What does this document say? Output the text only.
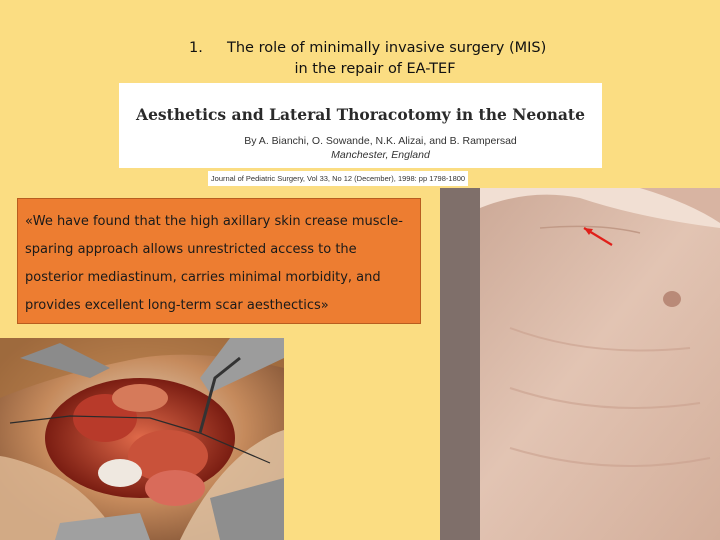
1. The role of minimally invasive surgery (MIS)
in the repair of EA-TEF
Aesthetics and Lateral Thoracotomy in the Neonate
By A. Bianchi, O. Sowande, N.K. Alizai, and B. Rampersad
Manchester, England
Journal of Pediatric Surgery, Vol 33, No 12 (December), 1998: pp 1798-1800
«We have found that the high axillary skin crease muscle-sparing approach allows unrestricted access to the posterior mediastinum, carries minimal morbidity, and provides excellent long-term scar aesthectics»
